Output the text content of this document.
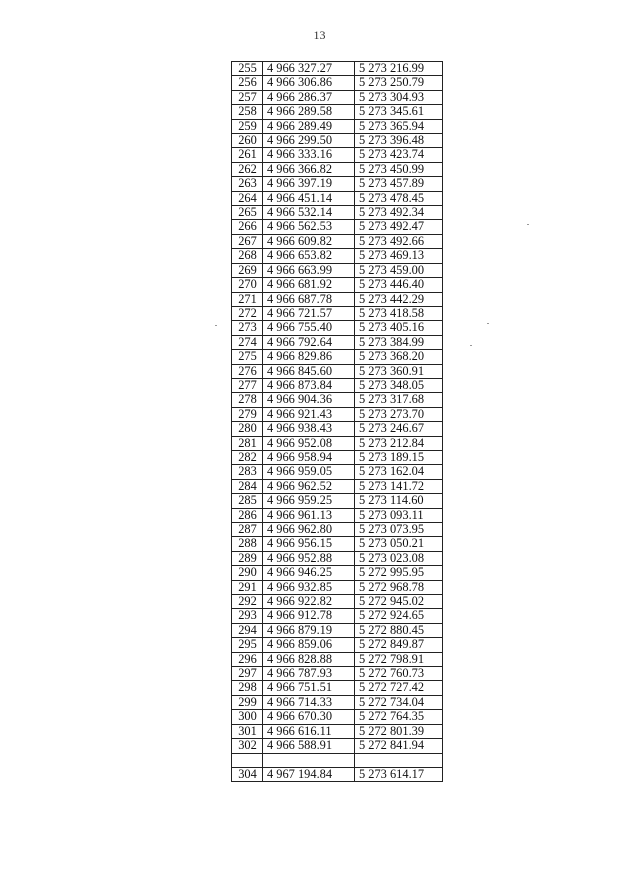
13
255	4 966 327.27	5 273 216.99
256	4 966 306.86	5 273 250.79
257	4 966 286.37	5 273 304.93
258	4 966 289.58	5 273 345.61
259	4 966 289.49	5 273 365.94
260	4 966 299.50	5 273 396.48
261	4 966 333.16	5 273 423.74
262	4 966 366.82	5 273 450.99
263	4 966 397.19	5 273 457.89
264	4 966 451.14	5 273 478.45
265	4 966 532.14	5 273 492.34
266	4 966 562.53	5 273 492.47
267	4 966 609.82	5 273 492.66
268	4 966 653.82	5 273 469.13
269	4 966 663.99	5 273 459.00
270	4 966 681.92	5 273 446.40
271	4 966 687.78	5 273 442.29
272	4 966 721.57	5 273 418.58
273	4 966 755.40	5 273 405.16
274	4 966 792.64	5 273 384.99
275	4 966 829.86	5 273 368.20
276	4 966 845.60	5 273 360.91
277	4 966 873.84	5 273 348.05
278	4 966 904.36	5 273 317.68
279	4 966 921.43	5 273 273.70
280	4 966 938.43	5 273 246.67
281	4 966 952.08	5 273 212.84
282	4 966 958.94	5 273 189.15
283	4 966 959.05	5 273 162.04
284	4 966 962.52	5 273 141.72
285	4 966 959.25	5 273 114.60
286	4 966 961.13	5 273 093.11
287	4 966 962.80	5 273 073.95
288	4 966 956.15	5 273 050.21
289	4 966 952.88	5 273 023.08
290	4 966 946.25	5 272 995.95
291	4 966 932.85	5 272 968.78
292	4 966 922.82	5 272 945.02
293	4 966 912.78	5 272 924.65
294	4 966 879.19	5 272 880.45
295	4 966 859.06	5 272 849.87
296	4 966 828.88	5 272 798.91
297	4 966 787.93	5 272 760.73
298	4 966 751.51	5 272 727.42
299	4 966 714.33	5 272 734.04
300	4 966 670.30	5 272 764.35
301	4 966 616.11	5 272 801.39
302	4 966 588.91	5 272 841.94

304	4 967 194.84	5 273 614.17
